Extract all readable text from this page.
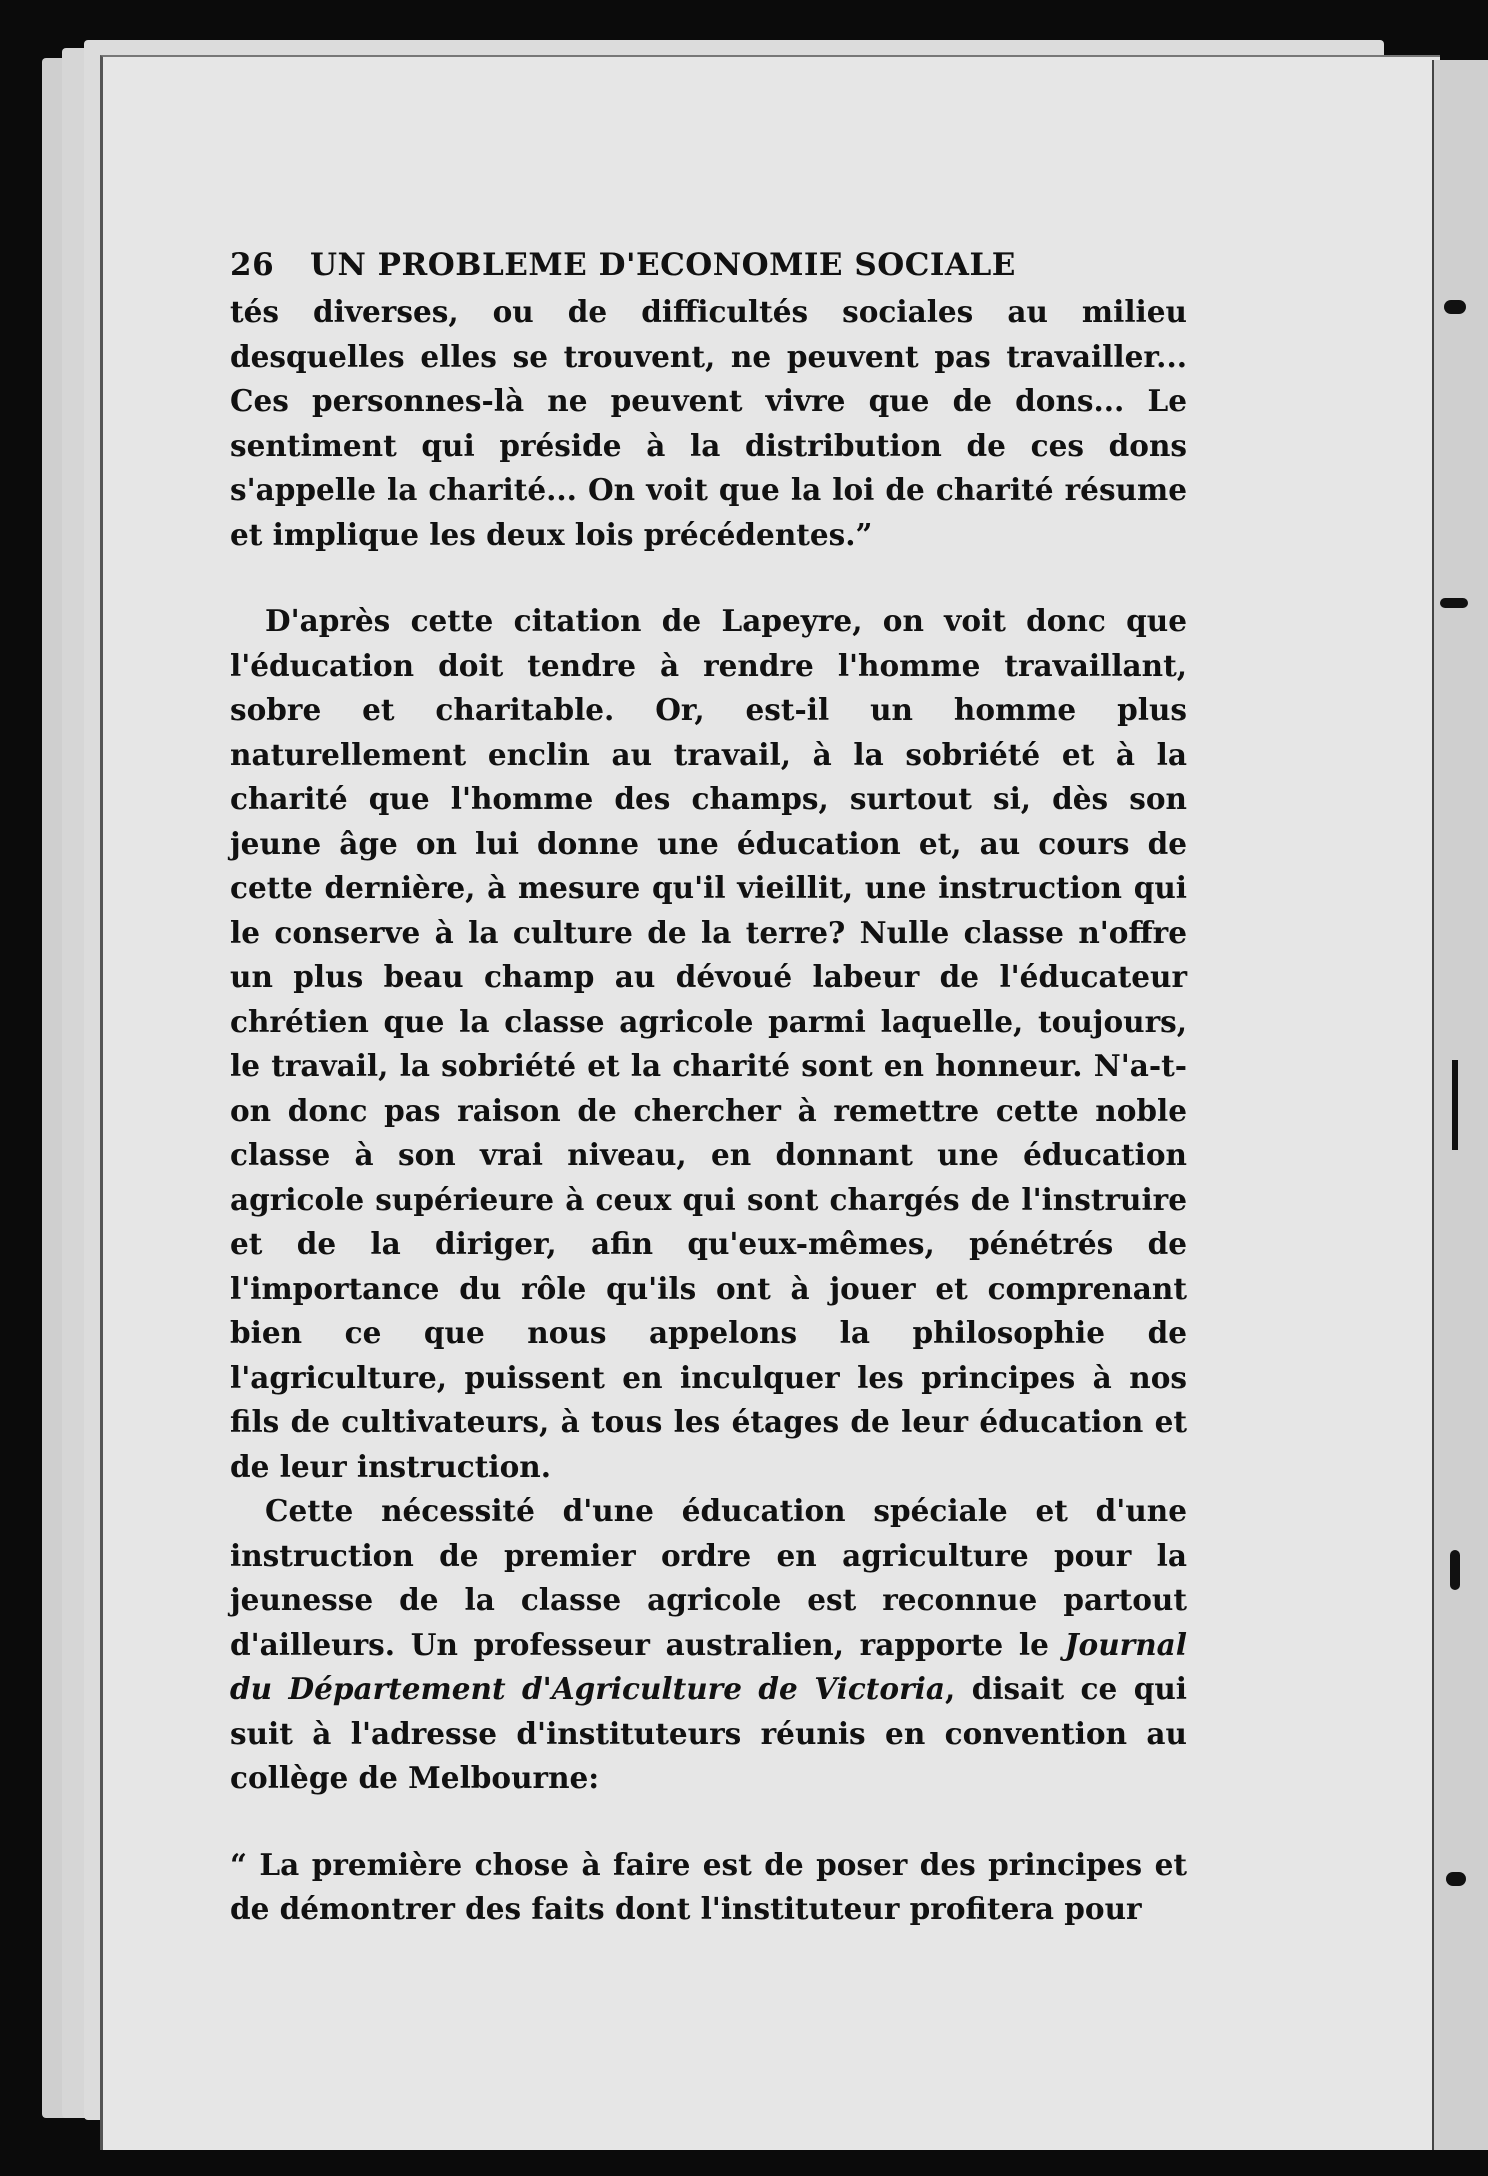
26	UN PROBLEME D'ECONOMIE SOCIALE

tés diverses, ou de difficultés sociales au milieu desquelles elles se trouvent, ne peuvent pas travailler... Ces personnes-là ne peuvent vivre que de dons... Le sentiment qui préside à la distribution de ces dons s'appelle la charité... On voit que la loi de charité résume et implique les deux lois précédentes.”

D'après cette citation de Lapeyre, on voit donc que l'éducation doit tendre à rendre l'homme travaillant, sobre et charitable. Or, est-il un homme plus naturellement enclin au travail, à la sobriété et à la charité que l'homme des champs, surtout si, dès son jeune âge on lui donne une éducation et, au cours de cette dernière, à mesure qu'il vieillit, une instruction qui le conserve à la culture de la terre? Nulle classe n'offre un plus beau champ au dévoué labeur de l'éducateur chrétien que la classe agricole parmi laquelle, toujours, le travail, la sobriété et la charité sont en honneur. N'a-t-on donc pas raison de chercher à remettre cette noble classe à son vrai niveau, en donnant une éducation agricole supérieure à ceux qui sont chargés de l'instruire et de la diriger, afin qu'eux-mêmes, pénétrés de l'importance du rôle qu'ils ont à jouer et comprenant bien ce que nous appelons la philosophie de l'agriculture, puissent en inculquer les principes à nos fils de cultivateurs, à tous les étages de leur éducation et de leur instruction.

Cette nécessité d'une éducation spéciale et d'une instruction de premier ordre en agriculture pour la jeunesse de la classe agricole est reconnue partout d'ailleurs. Un professeur australien, rapporte le Journal du Département d'Agriculture de Victoria, disait ce qui suit à l'adresse d'instituteurs réunis en convention au collège de Melbourne:

“ La première chose à faire est de poser des principes et de démontrer des faits dont l'instituteur profitera pour
